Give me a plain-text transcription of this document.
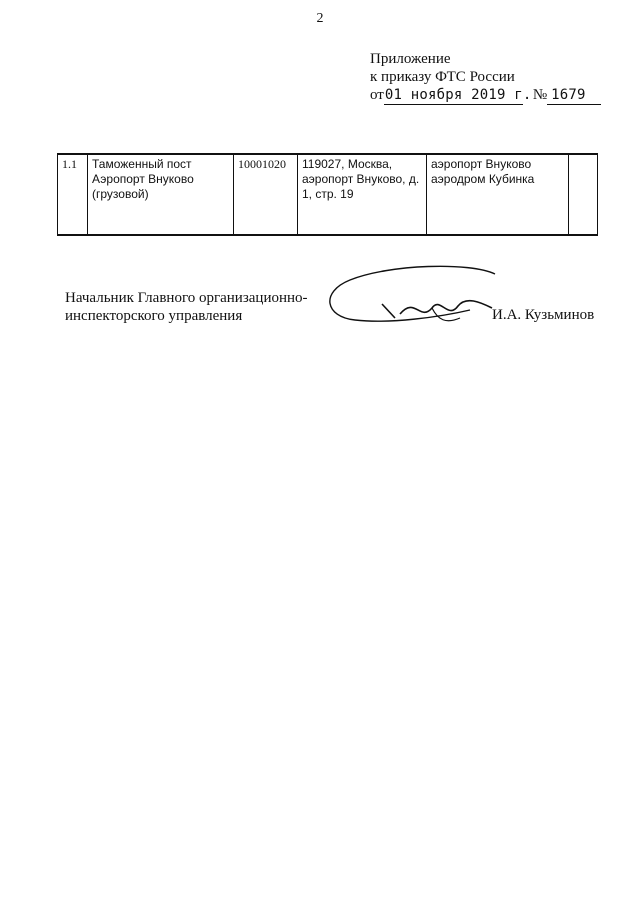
2
Приложение
к приказу ФТС России
от01 ноября 2019 г.№ 1679
1.1	Таможенный пост Аэропорт Внуково (грузовой)	10001020	119027, Москва, аэропорт Внуково, д. 1, стр. 19	аэропорт Внуково аэродром Кубинка	
Начальник Главного организационно-
инспекторского управления	И.А. Кузьминов
